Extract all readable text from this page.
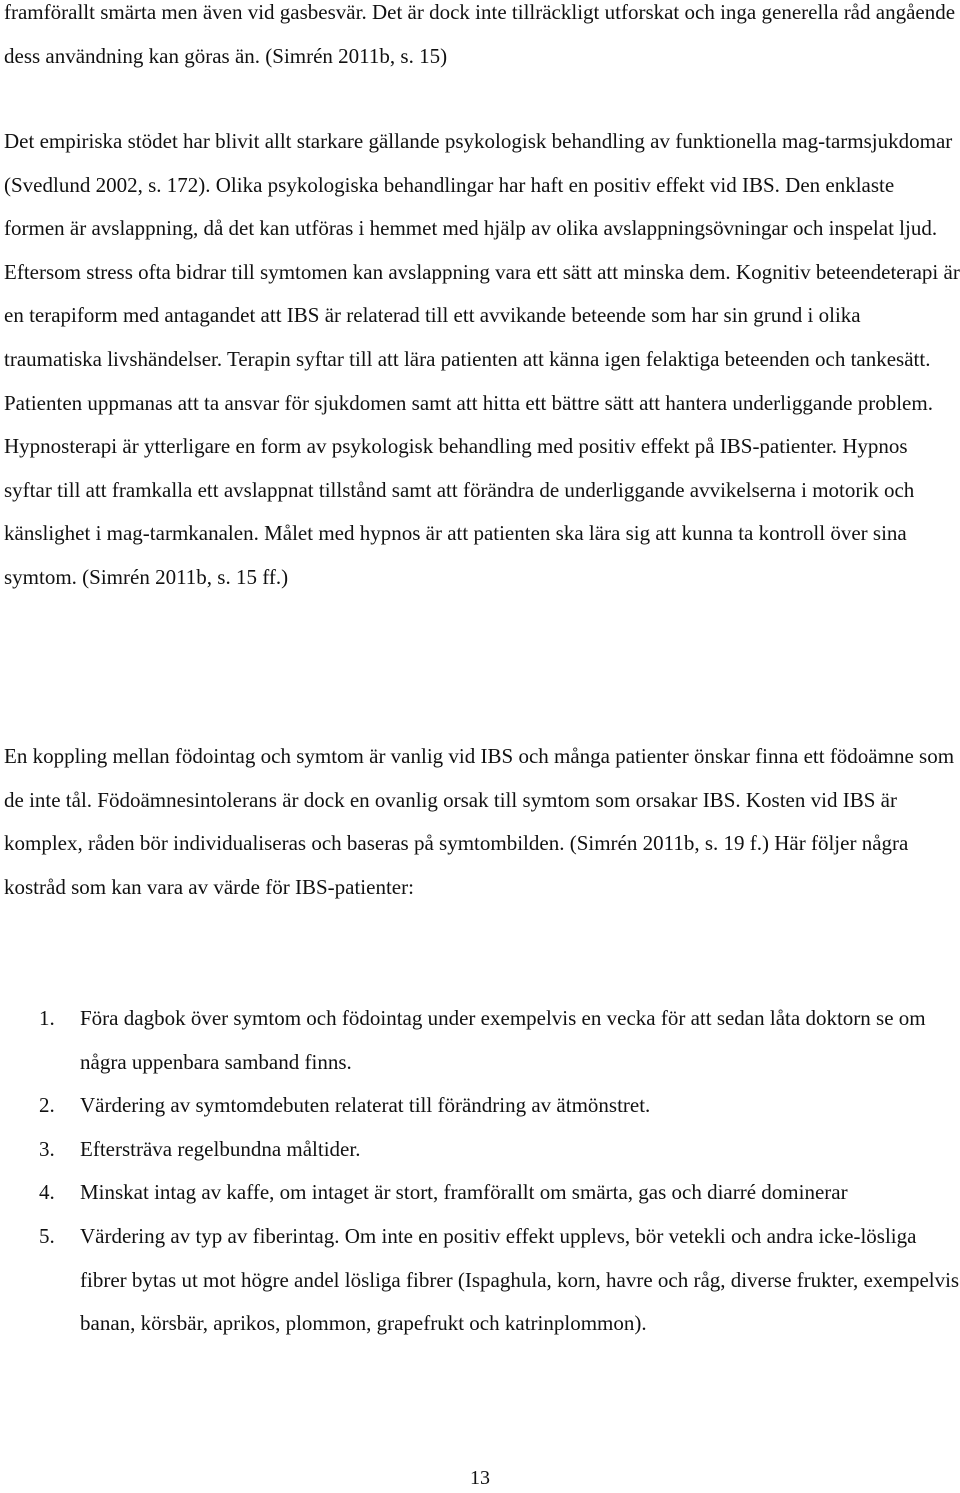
framförallt smärta men även vid gasbesvär. Det är dock inte tillräckligt utforskat och inga generella råd angående dess användning kan göras än. (Simrén 2011b, s. 15)

Det empiriska stödet har blivit allt starkare gällande psykologisk behandling av funktionella mag-tarmsjukdomar (Svedlund 2002, s. 172). Olika psykologiska behandlingar har haft en positiv effekt vid IBS. Den enklaste formen är avslappning, då det kan utföras i hemmet med hjälp av olika avslappningsövningar och inspelat ljud. Eftersom stress ofta bidrar till symtomen kan avslappning vara ett sätt att minska dem. Kognitiv beteendeterapi är en terapiform med antagandet att IBS är relaterad till ett avvikande beteende som har sin grund i olika traumatiska livshändelser. Terapin syftar till att lära patienten att känna igen felaktiga beteenden och tankesätt. Patienten uppmanas att ta ansvar för sjukdomen samt att hitta ett bättre sätt att hantera underliggande problem. Hypnosterapi är ytterligare en form av psykologisk behandling med positiv effekt på IBS-patienter. Hypnos syftar till att framkalla ett avslappnat tillstånd samt att förändra de underliggande avvikelserna i motorik och känslighet i mag-tarmkanalen. Målet med hypnos är att patienten ska lära sig att kunna ta kontroll över sina symtom. (Simrén 2011b, s. 15 ff.)

En koppling mellan födointag och symtom är vanlig vid IBS och många patienter önskar finna ett födoämne som de inte tål. Födoämnesintolerans är dock en ovanlig orsak till symtom som orsakar IBS. Kosten vid IBS är komplex, råden bör individualiseras och baseras på symtombilden. (Simrén 2011b, s. 19 f.) Här följer några kostråd som kan vara av värde för IBS-patienter:

1. Föra dagbok över symtom och födointag under exempelvis en vecka för att sedan låta doktorn se om några uppenbara samband finns.
2. Värdering av symtomdebuten relaterat till förändring av ätmönstret.
3. Eftersträva regelbundna måltider.
4. Minskat intag av kaffe, om intaget är stort, framförallt om smärta, gas och diarré dominerar
5. Värdering av typ av fiberintag. Om inte en positiv effekt upplevs, bör vetekli och andra icke-lösliga fibrer bytas ut mot högre andel lösliga fibrer (Ispaghula, korn, havre och råg, diverse frukter, exempelvis banan, körsbär, aprikos, plommon, grapefrukt och katrinplommon).
13
